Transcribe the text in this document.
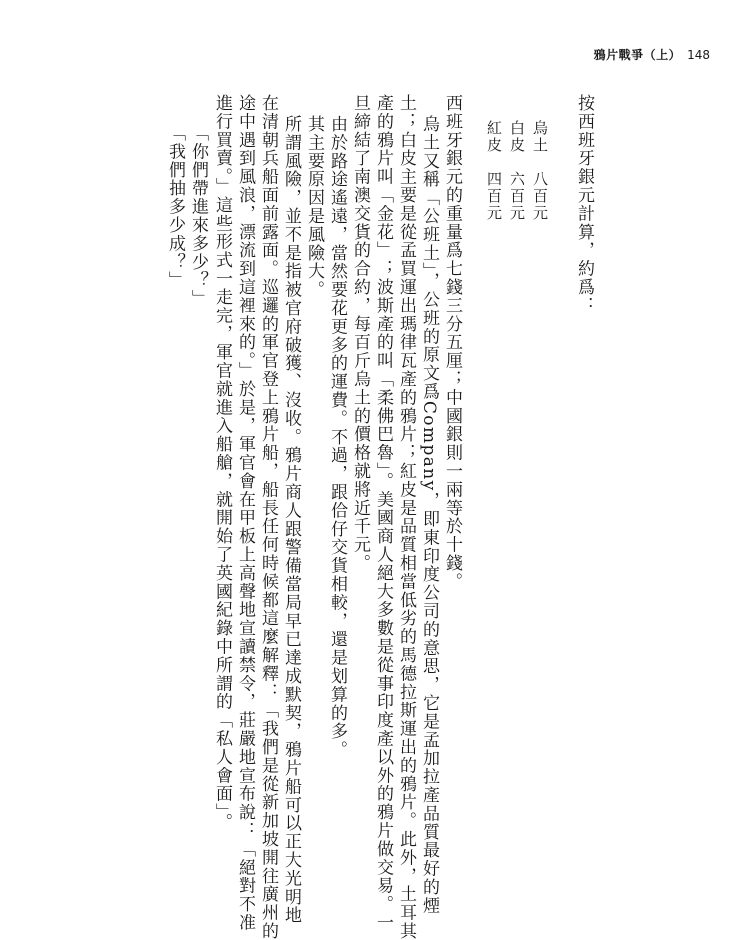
鴉片戰爭（上） 148
按西班牙銀元計算，約爲：
烏土　八百元
白皮　六百元
紅皮　四百元
西班牙銀元的重量爲七錢三分五厘；中國銀則一兩等於十錢。
烏土又稱「公班土」，公班的原文爲Company，即東印度公司的意思，它是孟加拉產品質最好的煙
土；白皮主要是從孟買運出瑪律瓦產的鴉片；紅皮是品質相當低劣的馬德拉斯運出的鴉片。此外，土耳其
產的鴉片叫「金花」；波斯產的叫「柔佛巴魯」。美國商人絕大多數是從事印度產以外的鴉片做交易。一
旦締結了南澳交貨的合約，每百斤烏土的價格就將近千元。
由於路途遙遠，當然要花更多的運費。不過，跟佮仔交貨相較，還是划算的多。
其主要原因是風險大。
所謂風險，並不是指被官府破獲、沒收。鴉片商人跟警備當局早已達成默契，鴉片船可以正大光明地
在清朝兵船面前露面。巡邏的軍官登上鴉片船，船長任何時候都這麼解釋：「我們是從新加坡開往廣州的
途中遇到風浪，漂流到這裡來的。」於是，軍官會在甲板上高聲地宣讀禁令，莊嚴地宣布說：「絕對不准
進行買賣。」這些形式一走完，軍官就進入船艙，就開始了英國紀錄中所謂的「私人會面」。
「你們帶進來多少？」
「我們抽多少成？」
